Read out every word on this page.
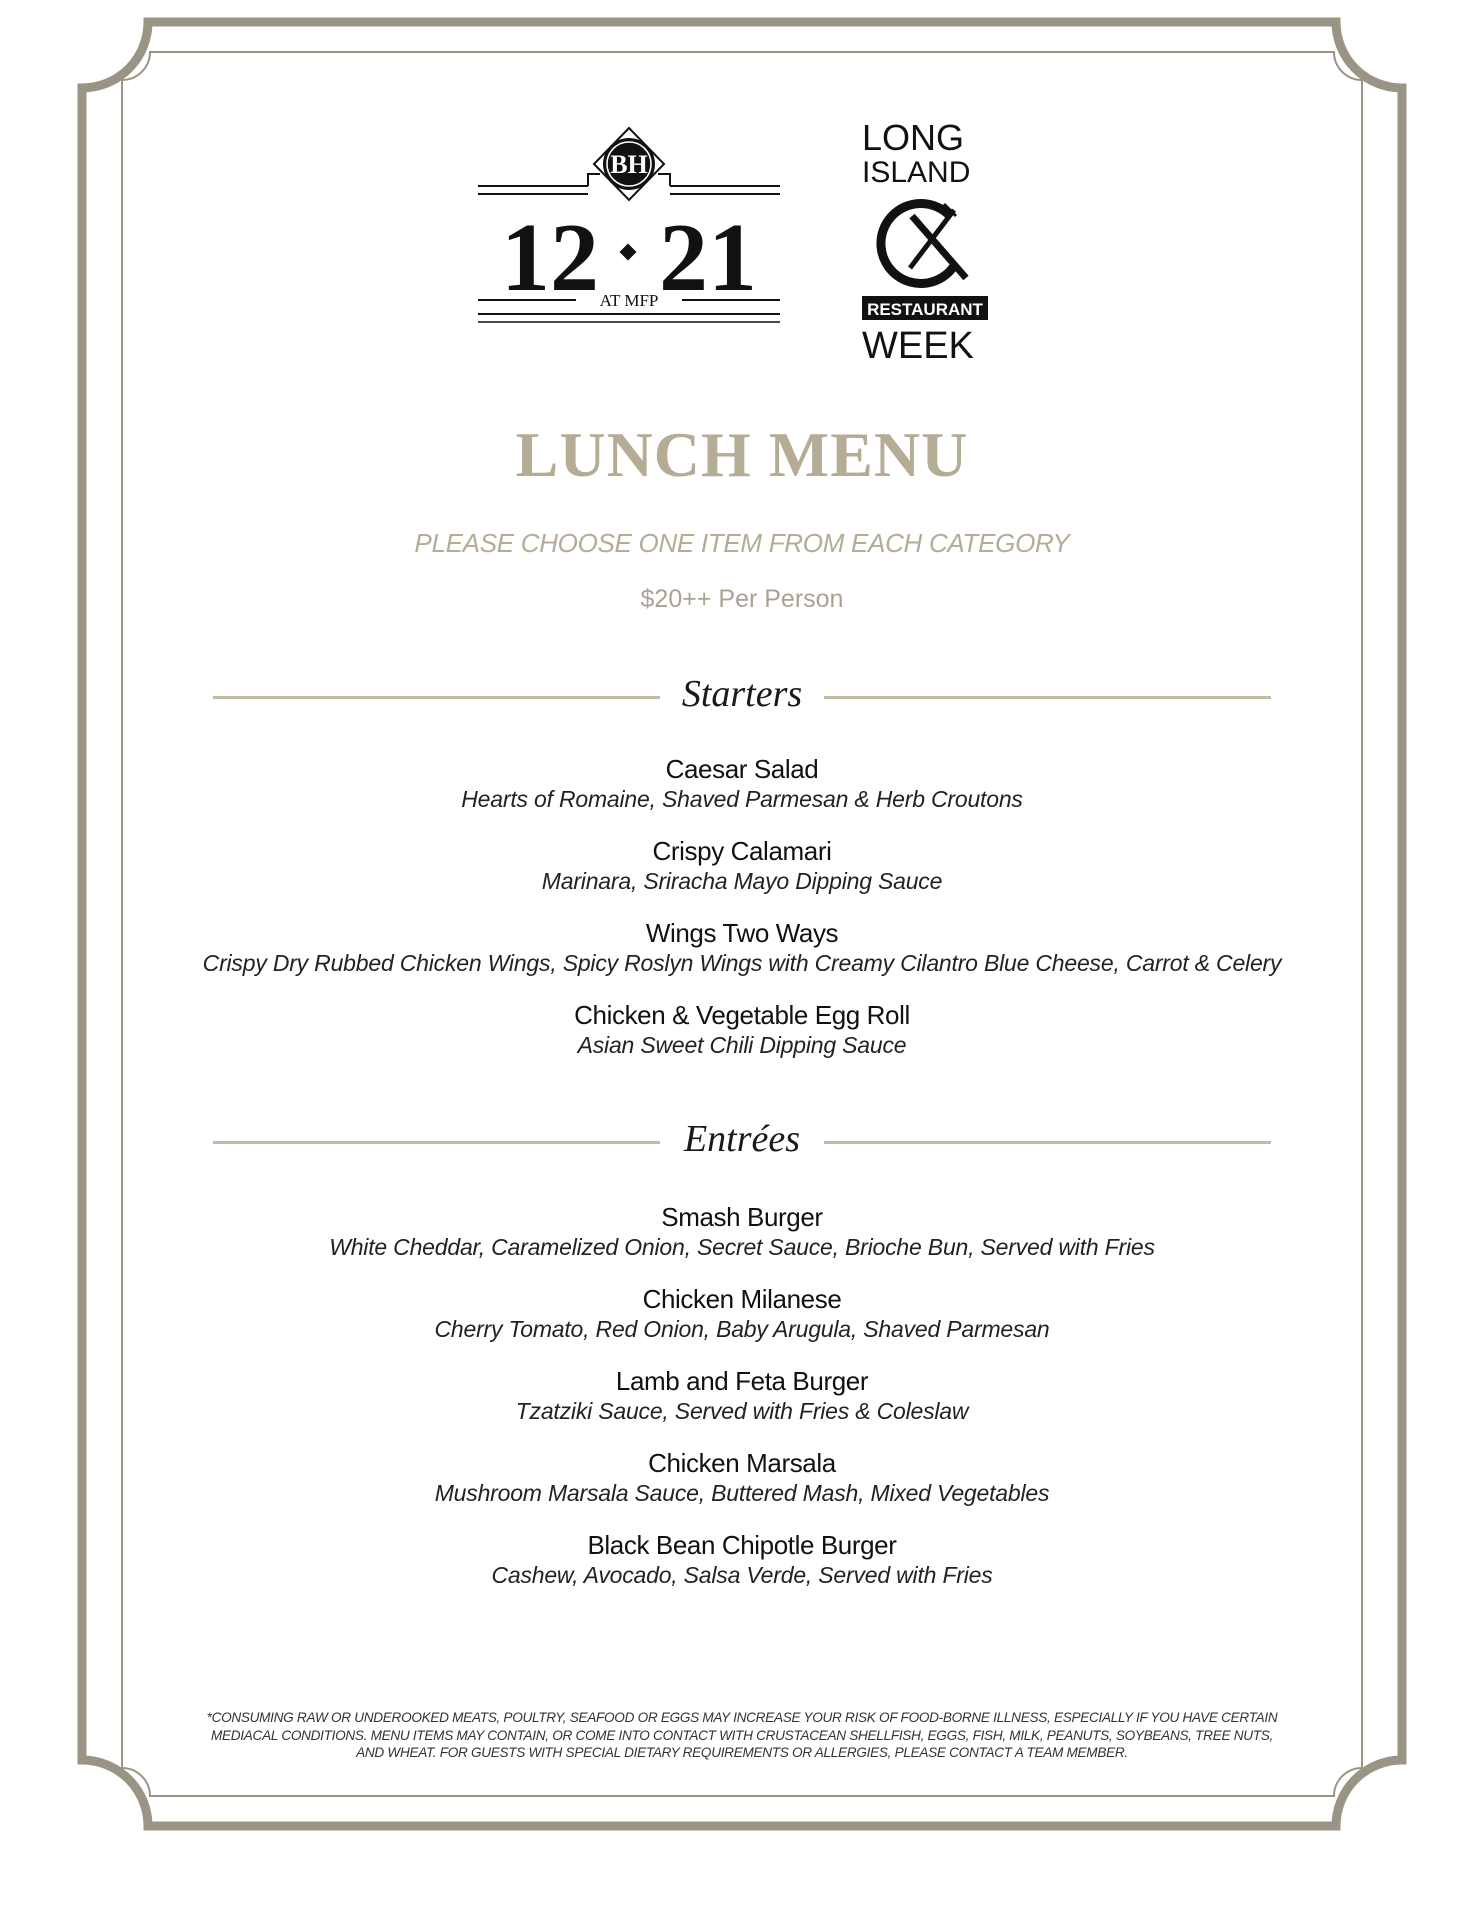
BH
12 21
AT MFP
LONG
ISLAND
RESTAURANT
WEEK
LUNCH MENU
PLEASE CHOOSE ONE ITEM FROM EACH CATEGORY
$20++ Per Person
Starters
Caesar Salad
Hearts of Romaine, Shaved Parmesan & Herb Croutons
Crispy Calamari
Marinara, Sriracha Mayo Dipping Sauce
Wings Two Ways
Crispy Dry Rubbed Chicken Wings, Spicy Roslyn Wings with Creamy Cilantro Blue Cheese, Carrot & Celery
Chicken & Vegetable Egg Roll
Asian Sweet Chili Dipping Sauce
Entrées
Smash Burger
White Cheddar, Caramelized Onion, Secret Sauce, Brioche Bun, Served with Fries
Chicken Milanese
Cherry Tomato, Red Onion, Baby Arugula, Shaved Parmesan
Lamb and Feta Burger
Tzatziki Sauce, Served with Fries & Coleslaw
Chicken Marsala
Mushroom Marsala Sauce, Buttered Mash, Mixed Vegetables
Black Bean Chipotle Burger
Cashew, Avocado, Salsa Verde, Served with Fries
*CONSUMING RAW OR UNDEROOKED MEATS, POULTRY, SEAFOOD OR EGGS MAY INCREASE YOUR RISK OF FOOD-BORNE ILLNESS, ESPECIALLY IF YOU HAVE CERTAIN
MEDIACAL CONDITIONS. MENU ITEMS MAY CONTAIN, OR COME INTO CONTACT WITH CRUSTACEAN SHELLFISH, EGGS, FISH, MILK, PEANUTS, SOYBEANS, TREE NUTS,
AND WHEAT. FOR GUESTS WITH SPECIAL DIETARY REQUIREMENTS OR ALLERGIES, PLEASE CONTACT A TEAM MEMBER.
